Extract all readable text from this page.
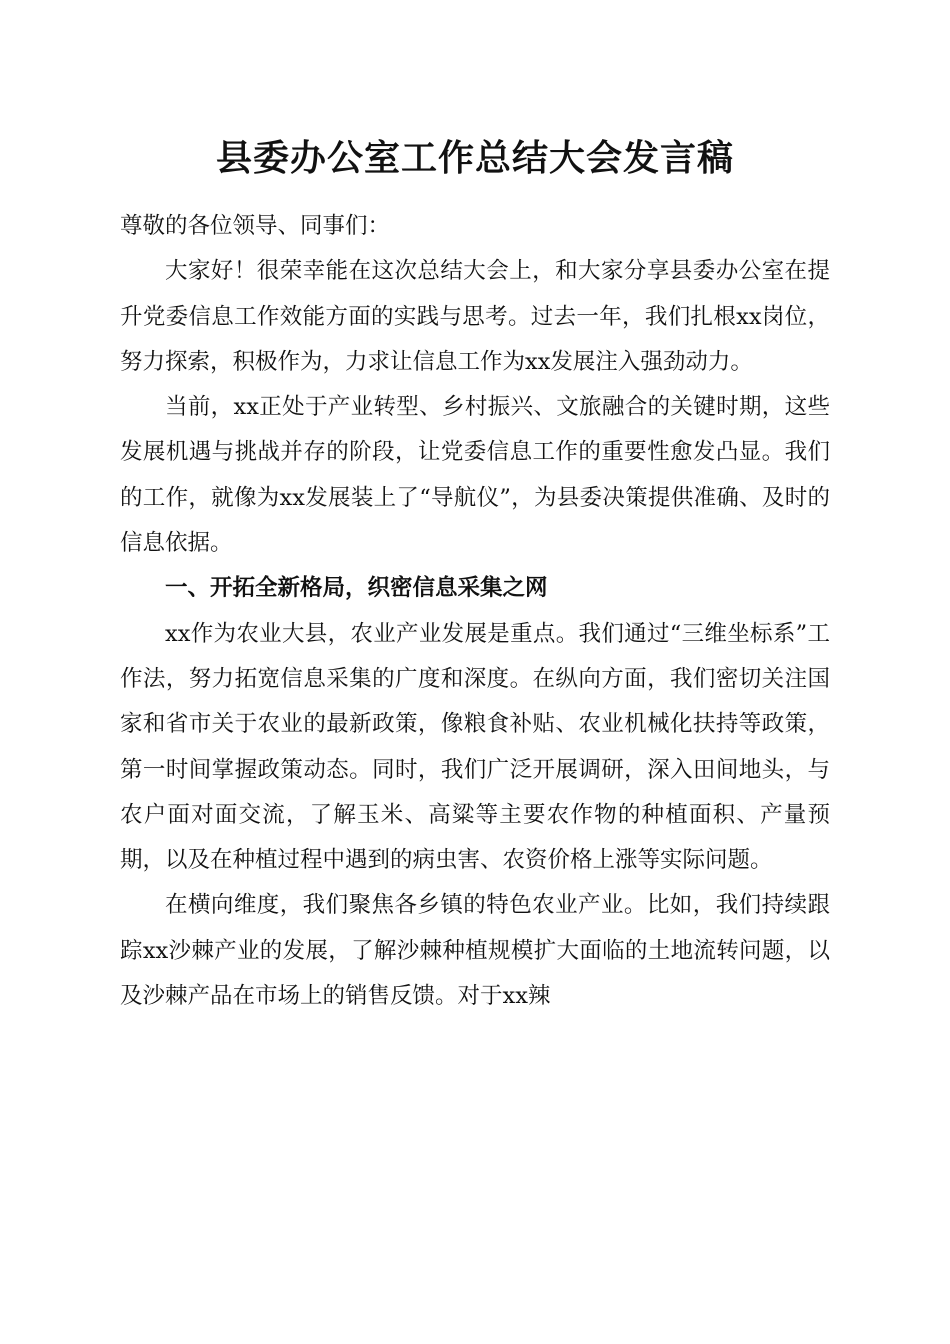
县委办公室工作总结大会发言稿

尊敬的各位领导、同事们：

大家好！很荣幸能在这次总结大会上，和大家分享县委办公室在提升党委信息工作效能方面的实践与思考。过去一年，我们扎根xx岗位，努力探索，积极作为，力求让信息工作为xx发展注入强劲动力。

当前，xx正处于产业转型、乡村振兴、文旅融合的关键时期，这些发展机遇与挑战并存的阶段，让党委信息工作的重要性愈发凸显。我们的工作，就像为xx发展装上了“导航仪”，为县委决策提供准确、及时的信息依据。

一、开拓全新格局，织密信息采集之网

xx作为农业大县，农业产业发展是重点。我们通过“三维坐标系”工作法，努力拓宽信息采集的广度和深度。在纵向方面，我们密切关注国家和省市关于农业的最新政策，像粮食补贴、农业机械化扶持等政策，第一时间掌握政策动态。同时，我们广泛开展调研，深入田间地头，与农户面对面交流，了解玉米、高粱等主要农作物的种植面积、产量预期，以及在种植过程中遇到的病虫害、农资价格上涨等实际问题。

在横向维度，我们聚焦各乡镇的特色农业产业。比如，我们持续跟踪xx沙棘产业的发展，了解沙棘种植规模扩大面临的土地流转问题，以及沙棘产品在市场上的销售反馈。对于xx辣
